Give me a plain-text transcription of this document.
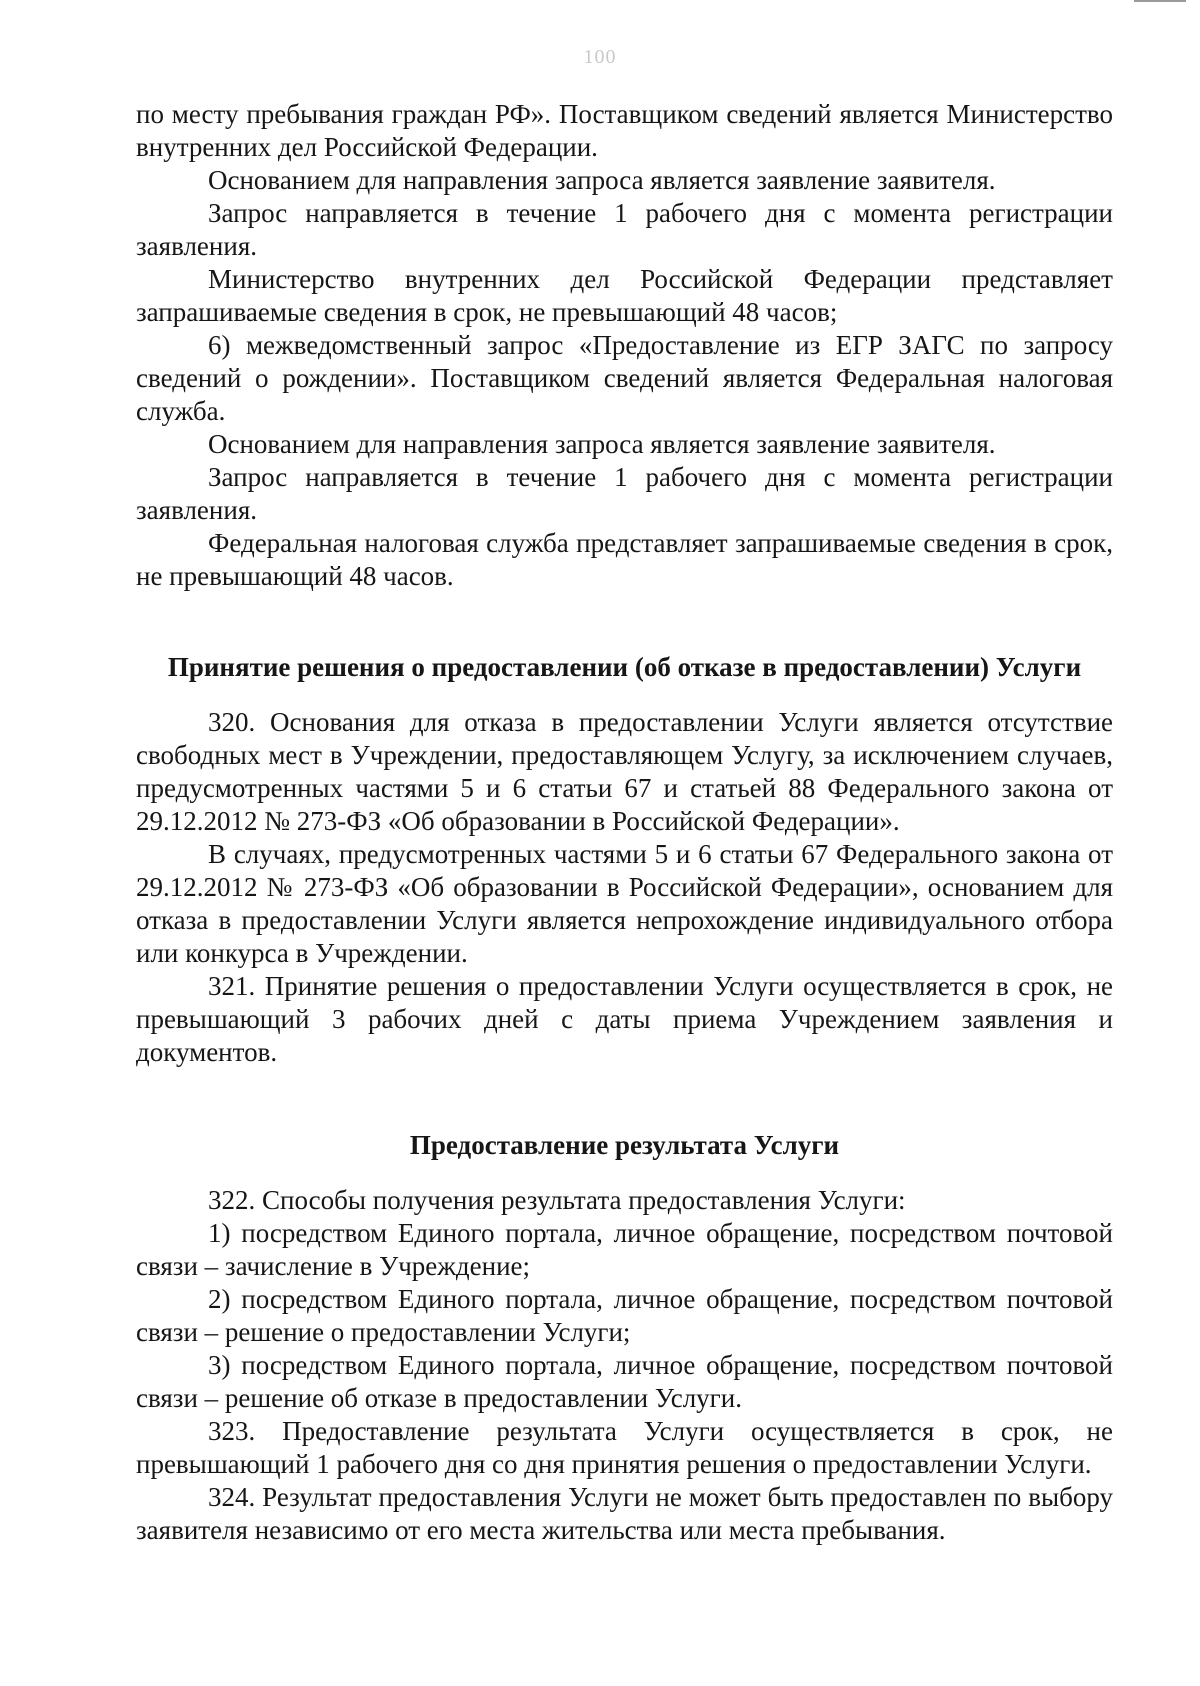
100

по месту пребывания граждан РФ». Поставщиком сведений является Министерство внутренних дел Российской Федерации.

Основанием для направления запроса является заявление заявителя.

Запрос направляется в течение 1 рабочего дня с момента регистрации заявления.

Министерство внутренних дел Российской Федерации представляет запрашиваемые сведения в срок, не превышающий 48 часов;

6) межведомственный запрос «Предоставление из ЕГР ЗАГС по запросу сведений о рождении». Поставщиком сведений является Федеральная налоговая служба.

Основанием для направления запроса является заявление заявителя.

Запрос направляется в течение 1 рабочего дня с момента регистрации заявления.

Федеральная налоговая служба представляет запрашиваемые сведения в срок, не превышающий 48 часов.

Принятие решения о предоставлении (об отказе в предоставлении) Услуги

320. Основания для отказа в предоставлении Услуги является отсутствие свободных мест в Учреждении, предоставляющем Услугу, за исключением случаев, предусмотренных частями 5 и 6 статьи 67 и статьей 88 Федерального закона от 29.12.2012 № 273-ФЗ «Об образовании в Российской Федерации».

В случаях, предусмотренных частями 5 и 6 статьи 67 Федерального закона от 29.12.2012 № 273-ФЗ «Об образовании в Российской Федерации», основанием для отказа в предоставлении Услуги является непрохождение индивидуального отбора или конкурса в Учреждении.

321. Принятие решения о предоставлении Услуги осуществляется в срок, не превышающий 3 рабочих дней с даты приема Учреждением заявления и документов.

Предоставление результата Услуги

322. Способы получения результата предоставления Услуги:

1) посредством Единого портала, личное обращение, посредством почтовой связи – зачисление в Учреждение;

2) посредством Единого портала, личное обращение, посредством почтовой связи – решение о предоставлении Услуги;

3) посредством Единого портала, личное обращение, посредством почтовой связи – решение об отказе в предоставлении Услуги.

323. Предоставление результата Услуги осуществляется в срок, не превышающий 1 рабочего дня со дня принятия решения о предоставлении Услуги.

324. Результат предоставления Услуги не может быть предоставлен по выбору заявителя независимо от его места жительства или места пребывания.
